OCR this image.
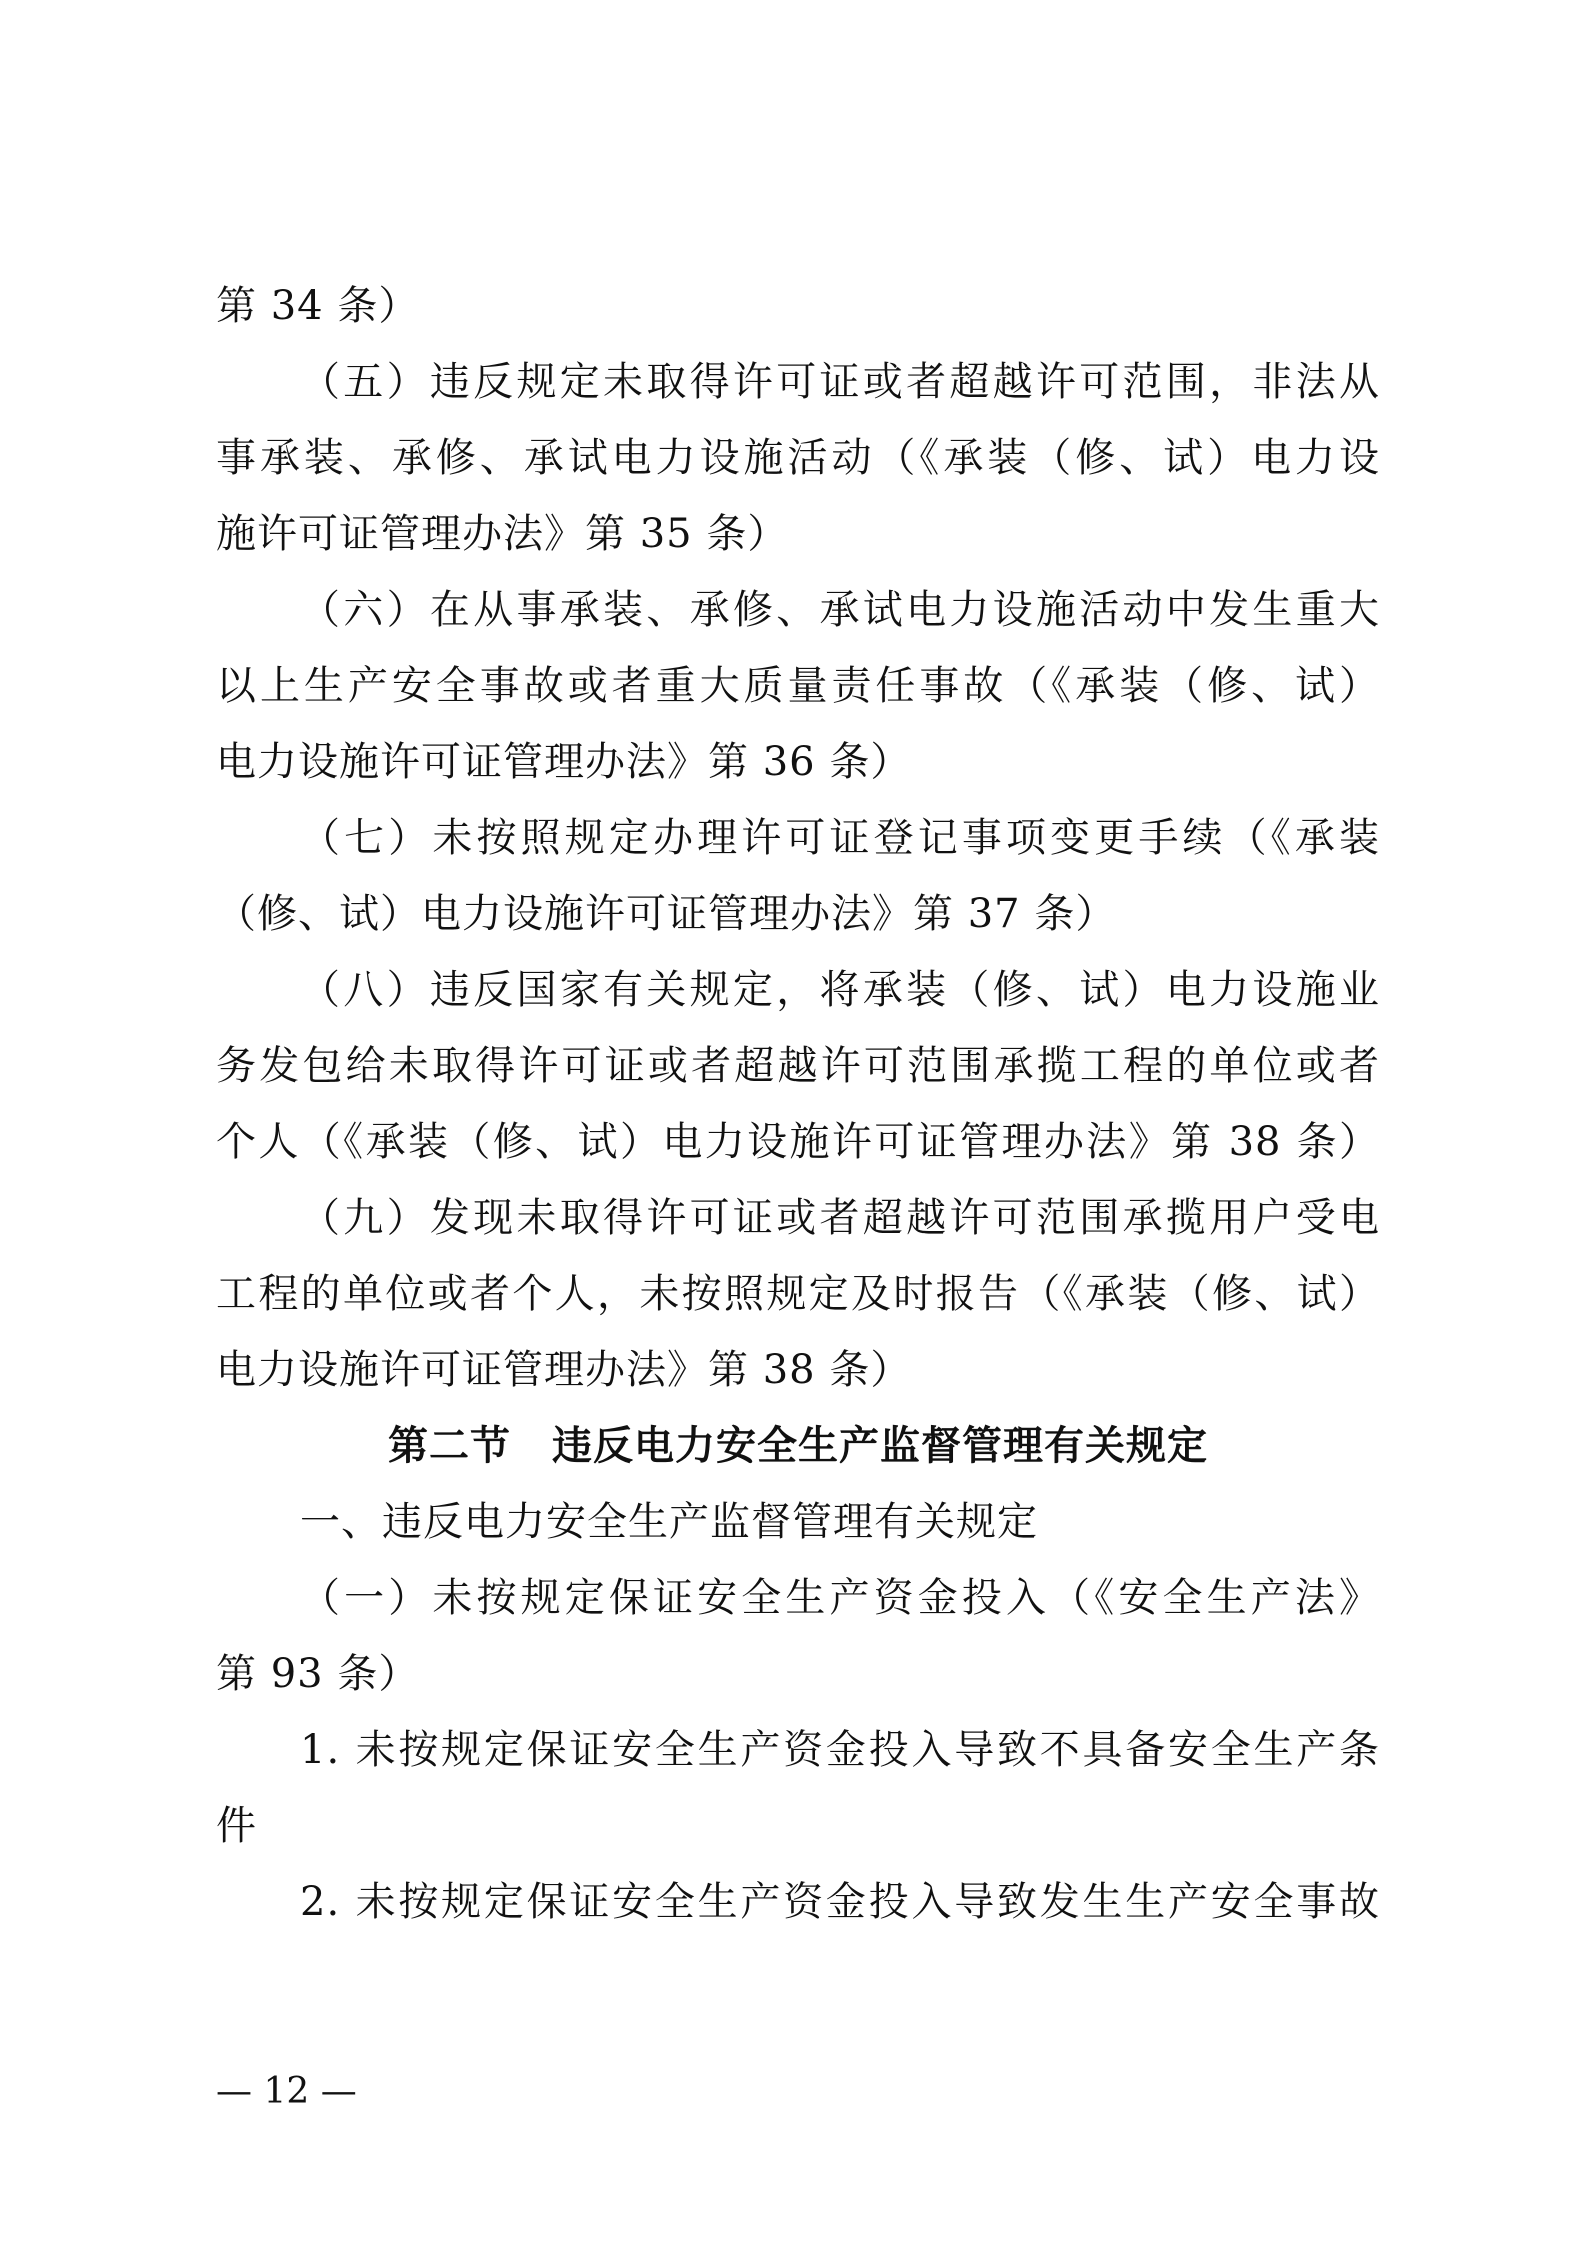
第 34 条）
（五）违反规定未取得许可证或者超越许可范围，非法从
事承装、承修、承试电力设施活动（《承装（修、试）电力设
施许可证管理办法》第 35 条）
（六）在从事承装、承修、承试电力设施活动中发生重大
以上生产安全事故或者重大质量责任事故（《承装（修、试）
电力设施许可证管理办法》第 36 条）
（七）未按照规定办理许可证登记事项变更手续（《承装
（修、试）电力设施许可证管理办法》第 37 条）
（八）违反国家有关规定，将承装（修、试）电力设施业
务发包给未取得许可证或者超越许可范围承揽工程的单位或者
个人（《承装（修、试）电力设施许可证管理办法》第 38 条）
（九）发现未取得许可证或者超越许可范围承揽用户受电
工程的单位或者个人，未按照规定及时报告（《承装（修、试）
电力设施许可证管理办法》第 38 条）
第二节　违反电力安全生产监督管理有关规定
一、违反电力安全生产监督管理有关规定
（一）未按规定保证安全生产资金投入（《安全生产法》
第 93 条）
1. 未按规定保证安全生产资金投入导致不具备安全生产条
件
2. 未按规定保证安全生产资金投入导致发生生产安全事故
— 12 —
